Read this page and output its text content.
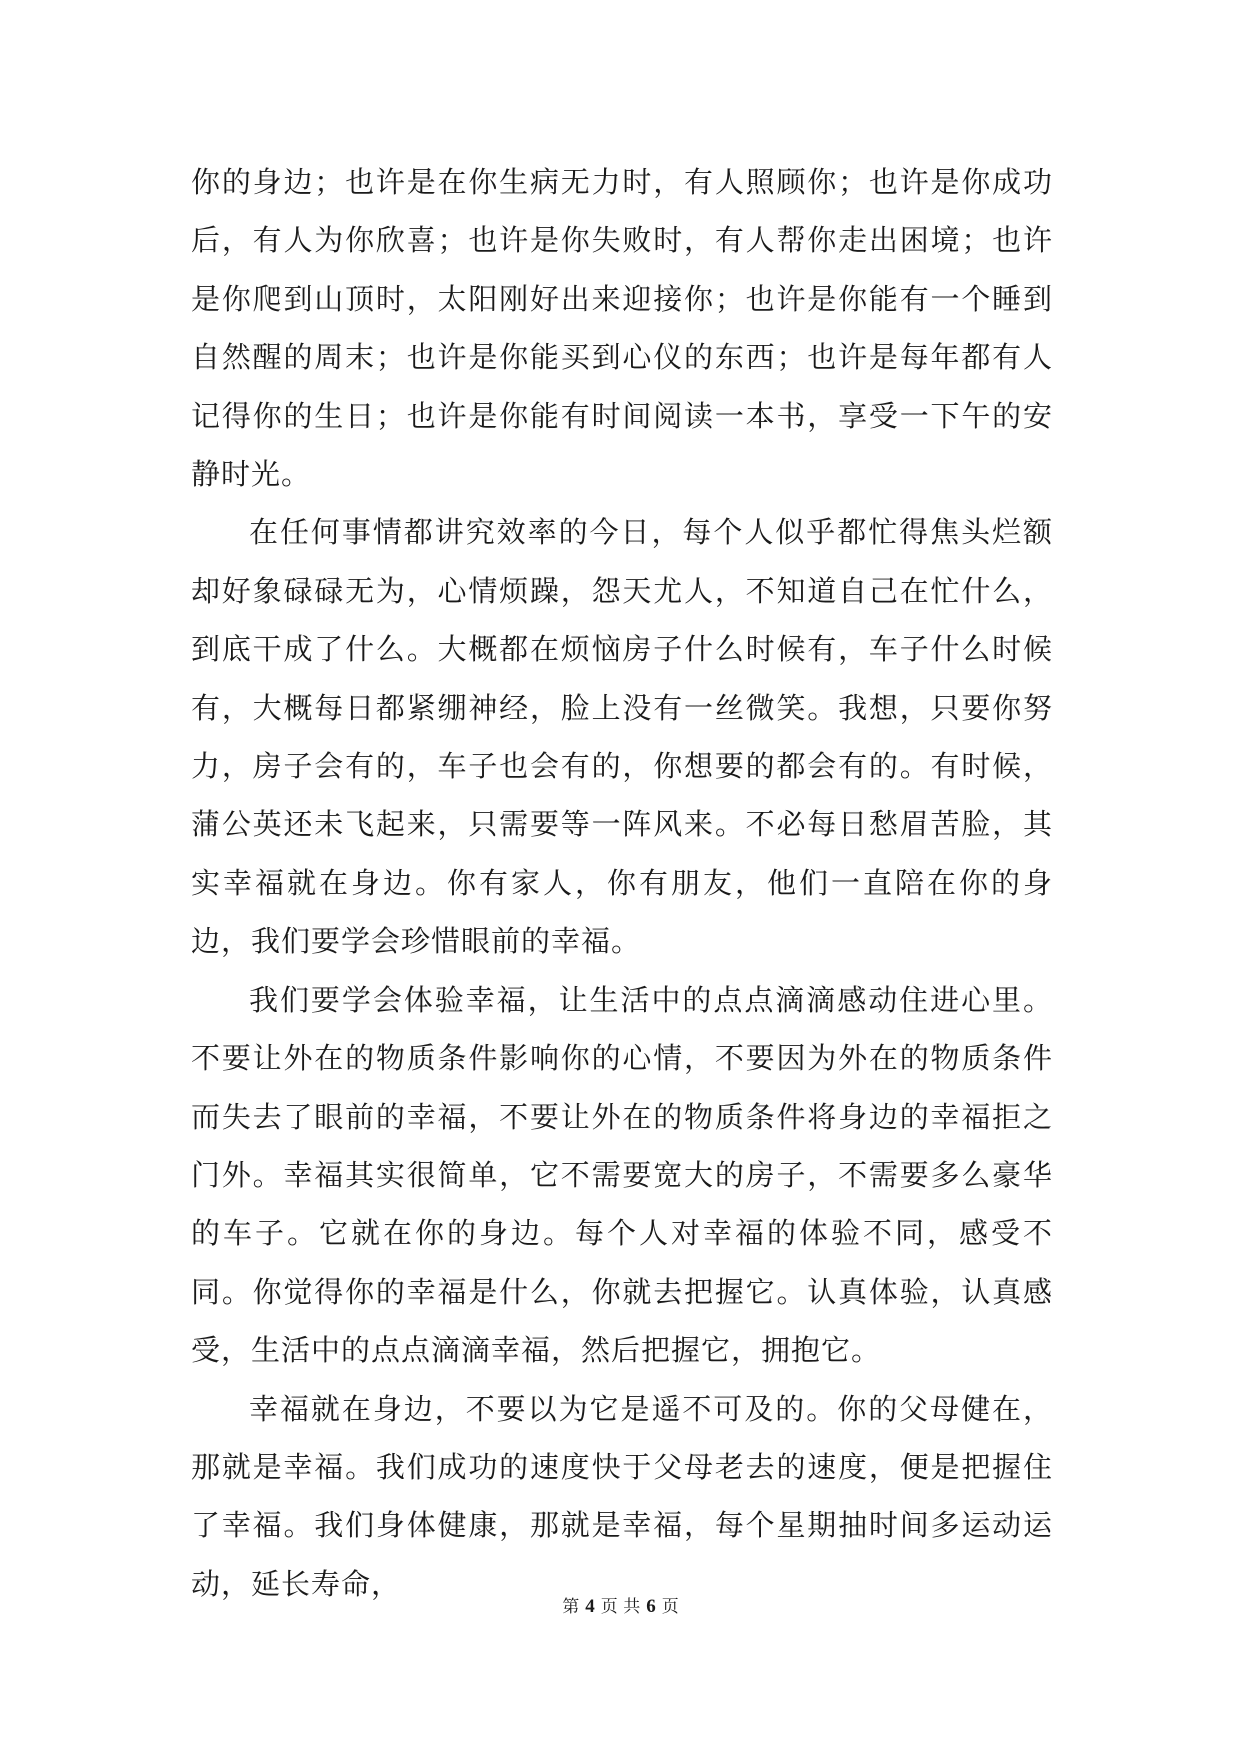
你的身边；也许是在你生病无力时，有人照顾你；也许是你成功后，有人为你欣喜；也许是你失败时，有人帮你走出困境；也许是你爬到山顶时，太阳刚好出来迎接你；也许是你能有一个睡到自然醒的周末；也许是你能买到心仪的东西；也许是每年都有人记得你的生日；也许是你能有时间阅读一本书，享受一下午的安静时光。

在任何事情都讲究效率的今日，每个人似乎都忙得焦头烂额却好象碌碌无为，心情烦躁，怨天尤人，不知道自己在忙什么，到底干成了什么。大概都在烦恼房子什么时候有，车子什么时候有，大概每日都紧绷神经，脸上没有一丝微笑。我想，只要你努力，房子会有的，车子也会有的，你想要的都会有的。有时候，蒲公英还未飞起来，只需要等一阵风来。不必每日愁眉苦脸，其实幸福就在身边。你有家人，你有朋友，他们一直陪在你的身边，我们要学会珍惜眼前的幸福。

我们要学会体验幸福，让生活中的点点滴滴感动住进心里。不要让外在的物质条件影响你的心情，不要因为外在的物质条件而失去了眼前的幸福，不要让外在的物质条件将身边的幸福拒之门外。幸福其实很简单，它不需要宽大的房子，不需要多么豪华的车子。它就在你的身边。每个人对幸福的体验不同，感受不同。你觉得你的幸福是什么，你就去把握它。认真体验，认真感受，生活中的点点滴滴幸福，然后把握它，拥抱它。

幸福就在身边，不要以为它是遥不可及的。你的父母健在，那就是幸福。我们成功的速度快于父母老去的速度，便是把握住了幸福。我们身体健康，那就是幸福，每个星期抽时间多运动运动，延长寿命，

第 4 页 共 6 页
